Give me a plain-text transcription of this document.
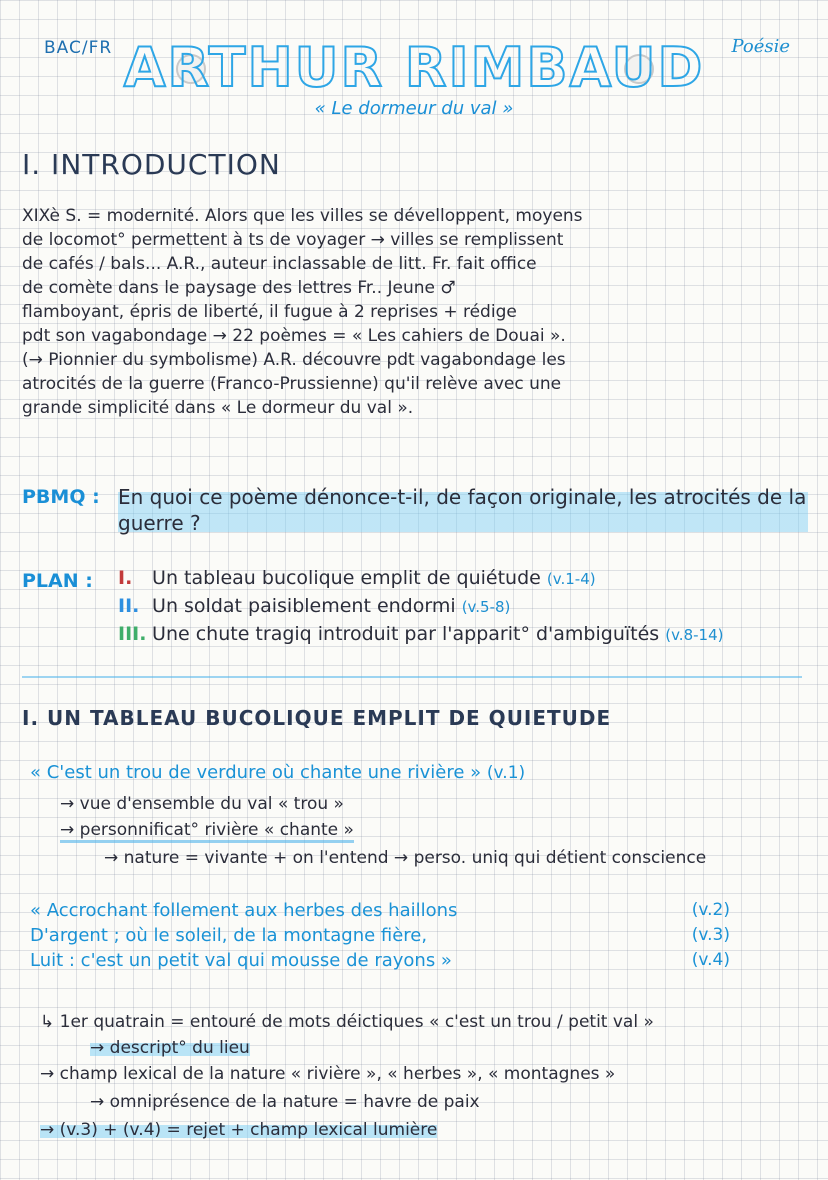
BAC/FR	Poésie
ARTHUR RIMBAUD
« Le dormeur du val »
I. INTRODUCTION
XIXè S. = modernité. Alors que les villes se dévelloppent, moyens
de locomot° permettent à ts de voyager → villes se remplissent
de cafés / bals... A.R., auteur inclassable de litt. Fr. fait office
de comète dans le paysage des lettres Fr.. Jeune ♂
flamboyant, épris de liberté, il fugue à 2 reprises + rédige
pdt son vagabondage → 22 poèmes = « Les cahiers de Douai ».
(→ Pionnier du symbolisme) A.R. découvre pdt vagabondage les
atrocités de la guerre (Franco-Prussienne) qu'il relève avec une
grande simplicité dans « Le dormeur du val ».
PBMQ : En quoi ce poème dénonce-t-il, de façon originale, les atrocités de la guerre ?
PLAN : I. Un tableau bucolique emplit de quiétude (v.1-4)
II. Un soldat paisiblement endormi (v.5-8)
III. Une chute tragiq introduit par l'apparit° d'ambiguïtés (v.8-14)
I. UN TABLEAU BUCOLIQUE EMPLIT DE QUIETUDE
« C'est un trou de verdure où chante une rivière » (v.1)
→ vue d'ensemble du val « trou »
→ personnificat° rivière « chante »
→ nature = vivante + on l'entend → perso. uniq qui détient conscience
« Accrochant follement aux herbes des haillons	(v.2)
D'argent ; où le soleil, de la montagne fière,	(v.3)
Luit : c'est un petit val qui mousse de rayons »	(v.4)
↳ 1er quatrain = entouré de mots déictiques « c'est un trou / petit val »
→ descript° du lieu
→ champ lexical de la nature « rivière », « herbes », « montagnes »
→ omniprésence de la nature = havre de paix
→ (v.3) + (v.4) = rejet + champ lexical lumière
